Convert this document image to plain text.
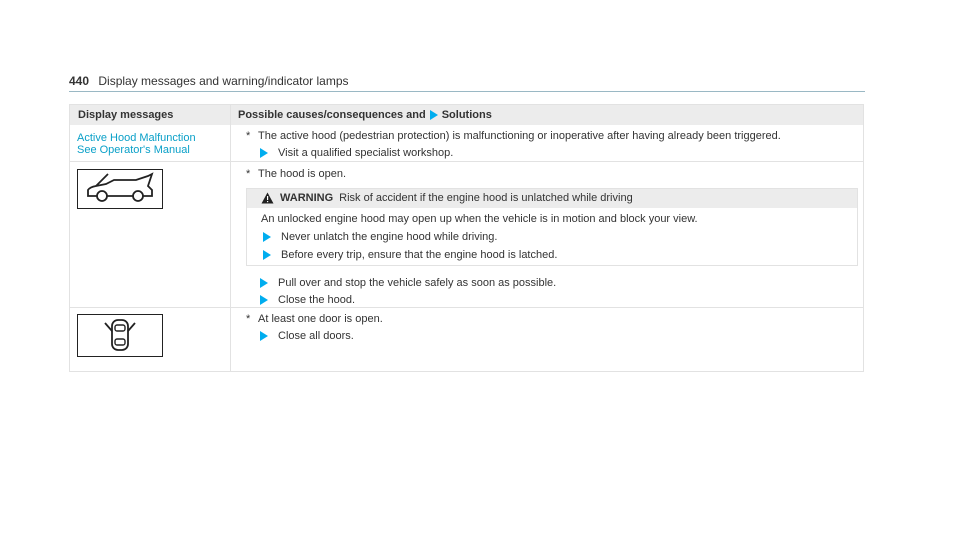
440 Display messages and warning/indicator lamps
Display messages	Possible causes/consequences and Solutions
Active Hood Malfunction
See Operator's Manual
* The active hood (pedestrian protection) is malfunctioning or inoperative after having already been triggered.
Visit a qualified specialist workshop.
* The hood is open.
WARNING Risk of accident if the engine hood is unlatched while driving
An unlocked engine hood may open up when the vehicle is in motion and block your view.
Never unlatch the engine hood while driving.
Before every trip, ensure that the engine hood is latched.
Pull over and stop the vehicle safely as soon as possible.
Close the hood.
* At least one door is open.
Close all doors.
